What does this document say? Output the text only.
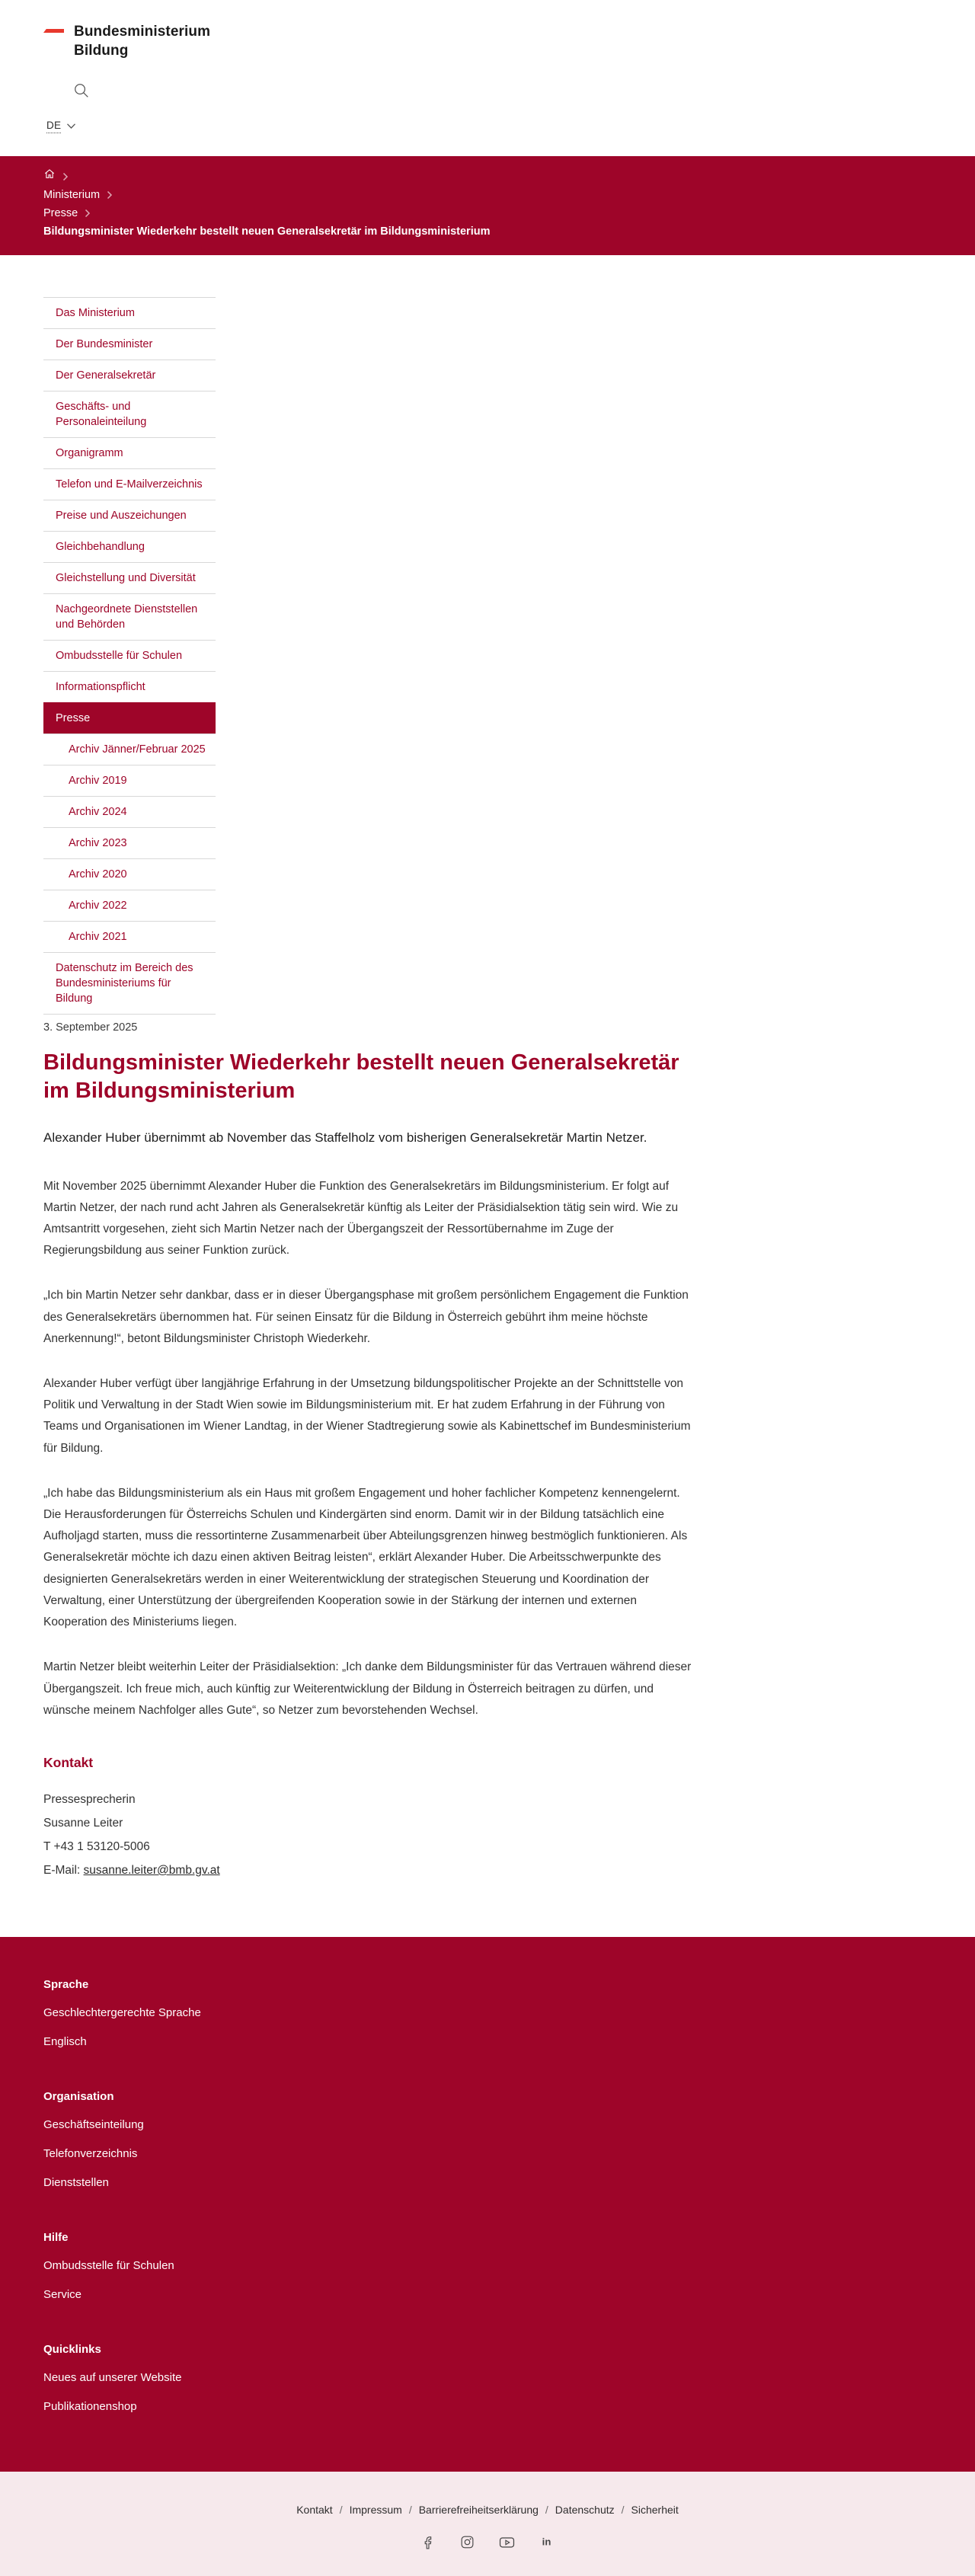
Bundesministerium
Bildung
DE
Ministerium
Presse
Bildungsminister Wiederkehr bestellt neuen Generalsekretär im Bildungsministerium
Das Ministerium
Der Bundesminister
Der Generalsekretär
Geschäfts- und Personaleinteilung
Organigramm
Telefon und E-Mailverzeichnis
Preise und Auszeichungen
Gleichbehandlung
Gleichstellung und Diversität
Nachgeordnete Dienststellen und Behörden
Ombudsstelle für Schulen
Informationspflicht
Presse
Archiv Jänner/Februar 2025
Archiv 2019
Archiv 2024
Archiv 2023
Archiv 2020
Archiv 2022
Archiv 2021
Datenschutz im Bereich des Bundesministeriums für Bildung
3. September 2025
Bildungsminister Wiederkehr bestellt neuen Generalsekretär im Bildungsministerium

Alexander Huber übernimmt ab November das Staffelholz vom bisherigen Generalsekretär Martin Netzer.

Mit November 2025 übernimmt Alexander Huber die Funktion des Generalsekretärs im Bildungsministerium. Er folgt auf Martin Netzer, der nach rund acht Jahren als Generalsekretär künftig als Leiter der Präsidialsektion tätig sein wird. Wie zu Amtsantritt vorgesehen, zieht sich Martin Netzer nach der Übergangszeit der Ressortübernahme im Zuge der Regierungsbildung aus seiner Funktion zurück.

„Ich bin Martin Netzer sehr dankbar, dass er in dieser Übergangsphase mit großem persönlichem Engagement die Funktion des Generalsekretärs übernommen hat. Für seinen Einsatz für die Bildung in Österreich gebührt ihm meine höchste Anerkennung!“, betont Bildungsminister Christoph Wiederkehr.

Alexander Huber verfügt über langjährige Erfahrung in der Umsetzung bildungspolitischer Projekte an der Schnittstelle von Politik und Verwaltung in der Stadt Wien sowie im Bildungsministerium mit. Er hat zudem Erfahrung in der Führung von Teams und Organisationen im Wiener Landtag, in der Wiener Stadtregierung sowie als Kabinettschef im Bundesministerium für Bildung.

„Ich habe das Bildungsministerium als ein Haus mit großem Engagement und hoher fachlicher Kompetenz kennengelernt. Die Herausforderungen für Österreichs Schulen und Kindergärten sind enorm. Damit wir in der Bildung tatsächlich eine Aufholjagd starten, muss die ressortinterne Zusammenarbeit über Abteilungsgrenzen hinweg bestmöglich funktionieren. Als Generalsekretär möchte ich dazu einen aktiven Beitrag leisten“, erklärt Alexander Huber. Die Arbeitsschwerpunkte des designierten Generalsekretärs werden in einer Weiterentwicklung der strategischen Steuerung und Koordination der Verwaltung, einer Unterstützung der übergreifenden Kooperation sowie in der Stärkung der internen und externen Kooperation des Ministeriums liegen.

Martin Netzer bleibt weiterhin Leiter der Präsidialsektion: „Ich danke dem Bildungsminister für das Vertrauen während dieser Übergangszeit. Ich freue mich, auch künftig zur Weiterentwicklung der Bildung in Österreich beitragen zu dürfen, und wünsche meinem Nachfolger alles Gute“, so Netzer zum bevorstehenden Wechsel.

Kontakt
Pressesprecherin
Susanne Leiter
T +43 1 53120-5006
E-Mail: susanne.leiter@bmb.gv.at
Sprache
Geschlechtergerechte Sprache
Englisch
Organisation
Geschäftseinteilung
Telefonverzeichnis
Dienststellen
Hilfe
Ombudsstelle für Schulen
Service
Quicklinks
Neues auf unserer Website
Publikationenshop
Kontakt / Impressum / Barrierefreiheitserklärung / Datenschutz / Sicherheit
in
